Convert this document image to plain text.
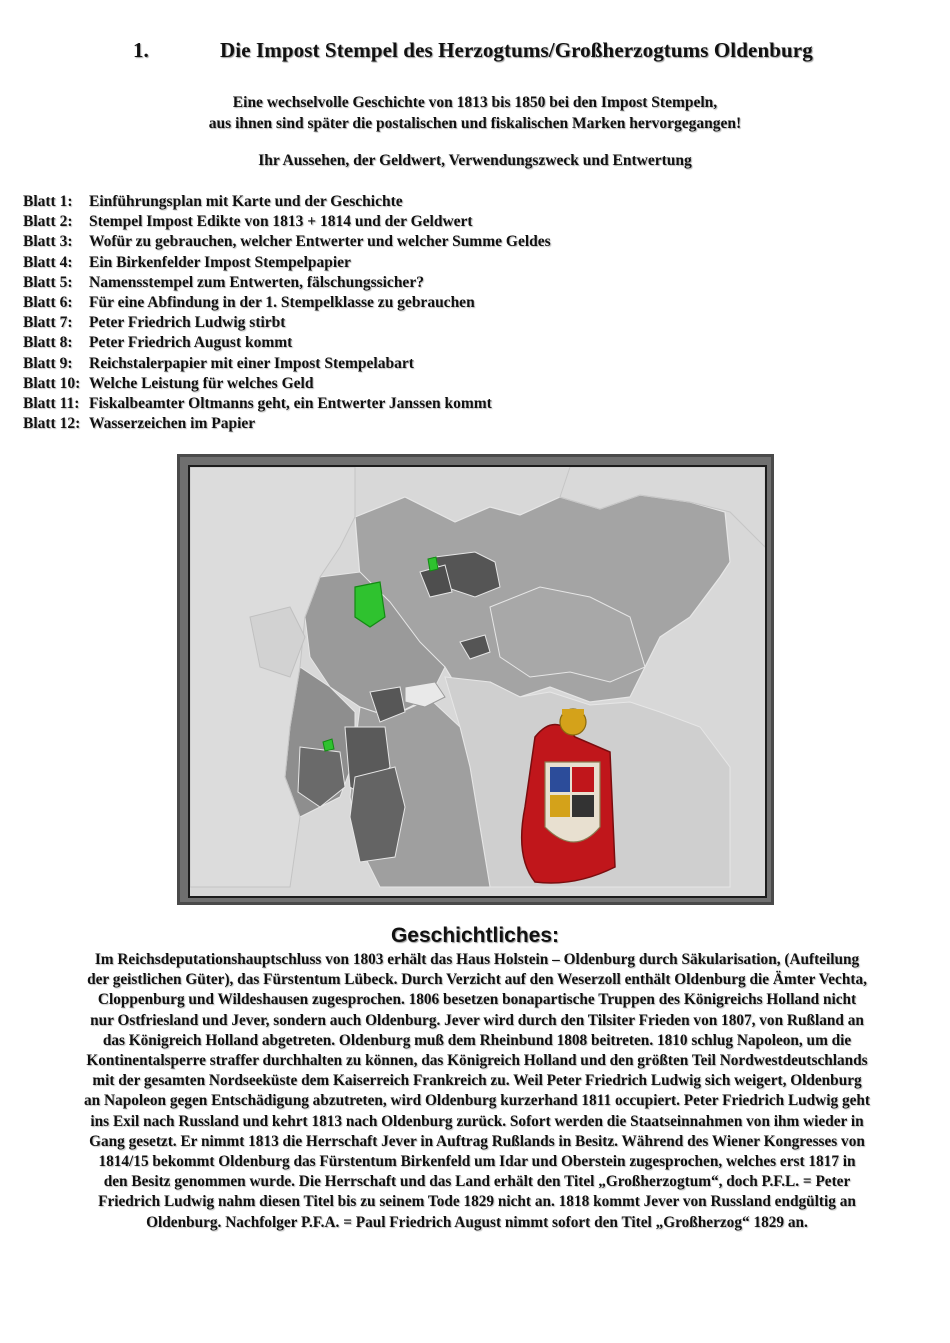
1.	Die Impost Stempel des Herzogtums/Großherzogtums Oldenburg
Eine wechselvolle Geschichte von 1813 bis 1850 bei den Impost Stempeln,
aus ihnen sind später die postalischen und fiskalischen Marken hervorgegangen!
Ihr Aussehen, der Geldwert, Verwendungszweck und Entwertung
Blatt 1: Einführungsplan mit Karte und der Geschichte
Blatt 2: Stempel Impost Edikte von 1813 + 1814 und der Geldwert
Blatt 3: Wofür zu gebrauchen, welcher Entwerter und welcher Summe Geldes
Blatt 4: Ein Birkenfelder Impost Stempelpapier
Blatt 5: Namensstempel zum Entwerten, fälschungssicher?
Blatt 6: Für eine Abfindung in der 1. Stempelklasse zu gebrauchen
Blatt 7: Peter Friedrich Ludwig stirbt
Blatt 8: Peter Friedrich August kommt
Blatt 9: Reichstalerpapier mit einer Impost Stempelabart
Blatt 10: Welche Leistung für welches Geld
Blatt 11: Fiskalbeamter Oltmanns geht, ein Entwerter Janssen kommt
Blatt 12: Wasserzeichen im Papier
Geschichtliches:
Im Reichsdeputationshauptschluss von 1803 erhält das Haus Holstein – Oldenburg durch Säkularisation, (Aufteilung
der geistlichen Güter), das Fürstentum Lübeck. Durch Verzicht auf den Weserzoll enthält Oldenburg die Ämter Vechta,
Cloppenburg und Wildeshausen zugesprochen. 1806 besetzen bonapartische Truppen des Königreichs Holland nicht
nur Ostfriesland und Jever, sondern auch Oldenburg. Jever wird durch den Tilsiter Frieden von 1807, von Rußland an
das Königreich Holland abgetreten. Oldenburg muß dem Rheinbund 1808 beitreten. 1810 schlug Napoleon, um die
Kontinentalsperre straffer durchhalten zu können, das Königreich Holland und den größten Teil Nordwestdeutschlands
mit der gesamten Nordseeküste dem Kaiserreich Frankreich zu. Weil Peter Friedrich Ludwig sich weigert, Oldenburg
an Napoleon gegen Entschädigung abzutreten, wird Oldenburg kurzerhand 1811 occupiert. Peter Friedrich Ludwig geht
ins Exil nach Russland und kehrt 1813 nach Oldenburg zurück. Sofort werden die Staatseinnahmen von ihm wieder in
Gang gesetzt. Er nimmt 1813 die Herrschaft Jever in Auftrag Rußlands in Besitz. Während des Wiener Kongresses von
1814/15 bekommt Oldenburg das Fürstentum Birkenfeld um Idar und Oberstein zugesprochen, welches erst 1817 in
den Besitz genommen wurde. Die Herrschaft und das Land erhält den Titel „Großherzogtum“, doch P.F.L. = Peter
Friedrich Ludwig nahm diesen Titel bis zu seinem Tode 1829 nicht an. 1818 kommt Jever von Russland endgültig an
Oldenburg. Nachfolger P.F.A. = Paul Friedrich August nimmt sofort den Titel „Großherzog“ 1829 an.
